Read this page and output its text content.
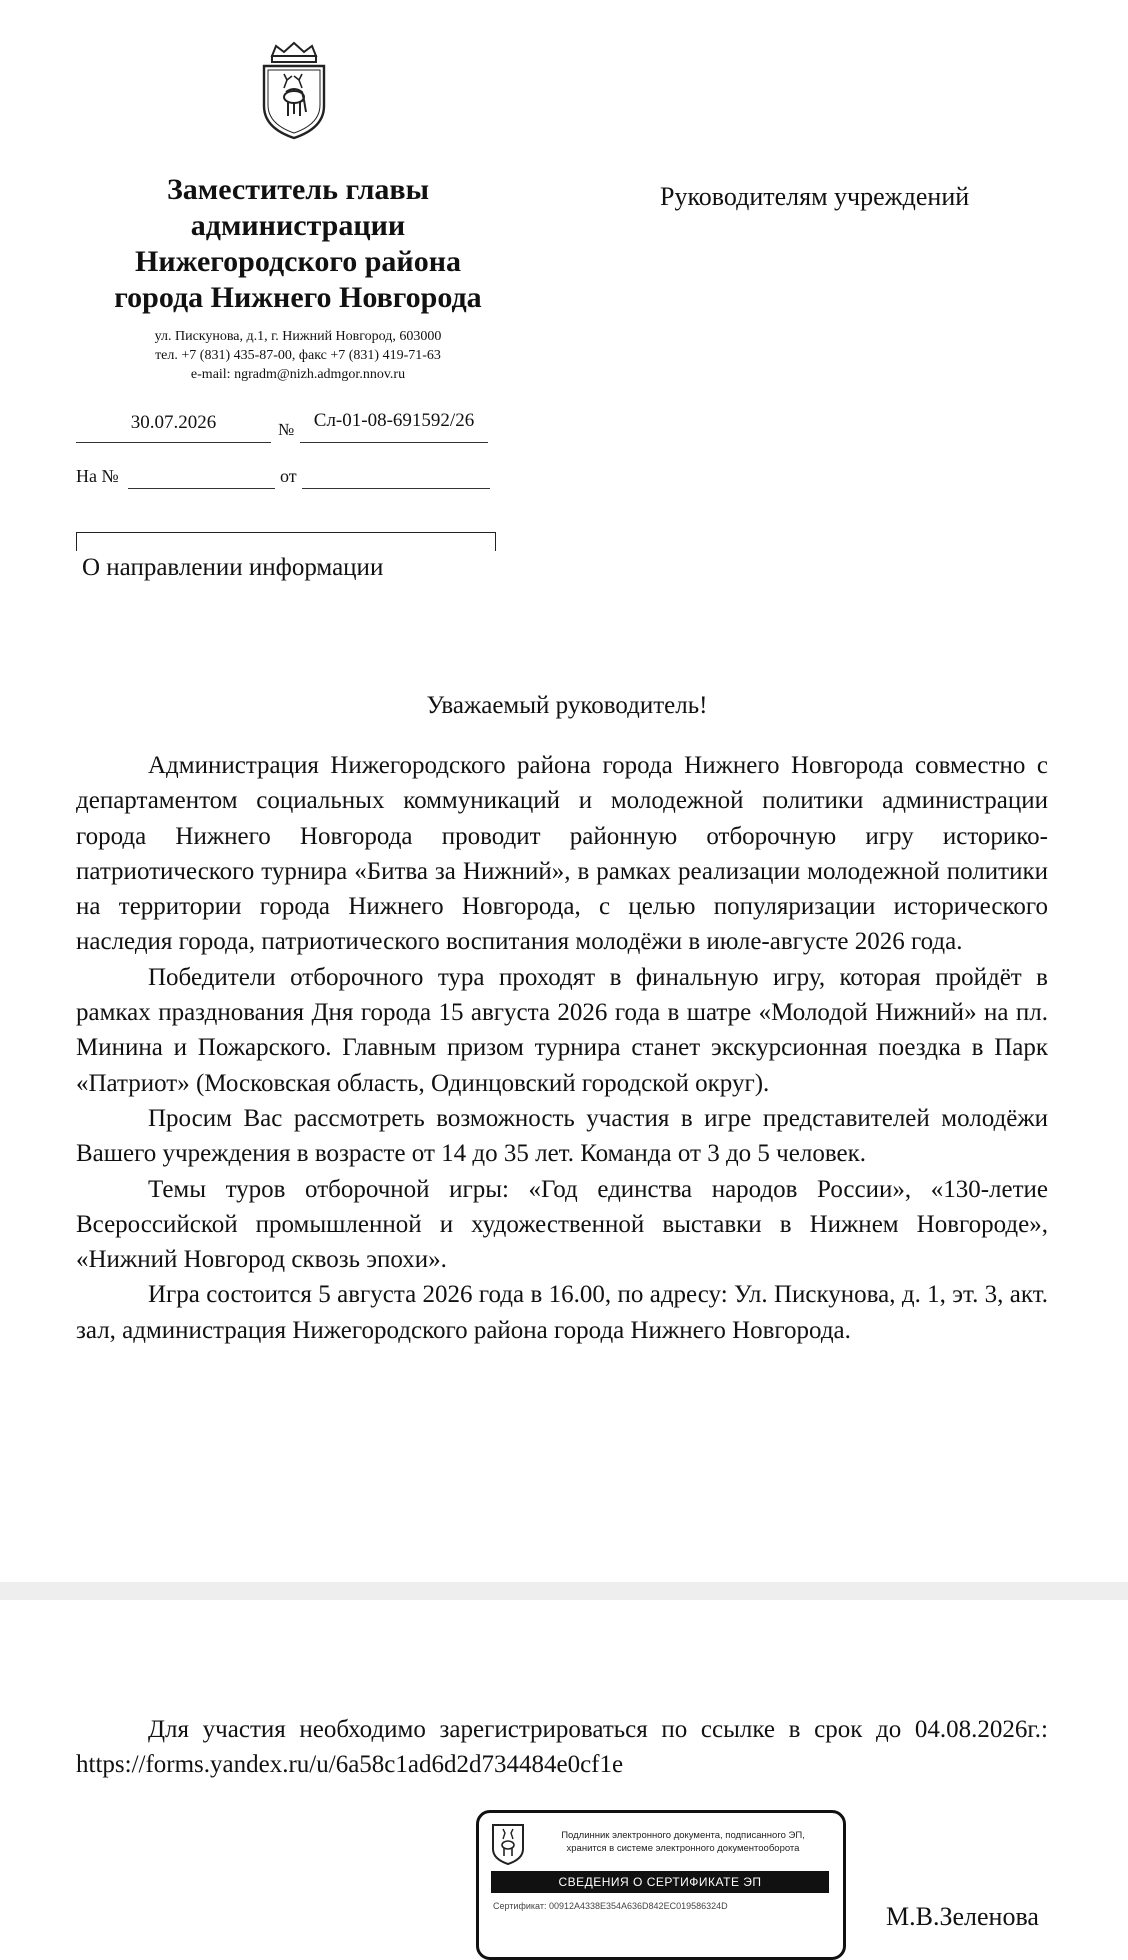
Заместитель главы
администрации
Нижегородского района
города Нижнего Новгорода
ул. Пискунова, д.1, г. Нижний Новгород, 603000
тел. +7 (831) 435-87-00, факс +7 (831) 419-71-63
e-mail: ngradm@nizh.admgor.nnov.ru
Руководителям учреждений
30.07.2026	№	Сл-01-08-691592/26
На №	от
О направлении информации
Уважаемый руководитель!

Администрация Нижегородского района города Нижнего Новгорода совместно с департаментом социальных коммуникаций и молодежной политики администрации города Нижнего Новгорода проводит районную отборочную игру историко-патриотического турнира «Битва за Нижний», в рамках реализации молодежной политики на территории города Нижнего Новгорода, с целью популяризации исторического наследия города, патриотического воспитания молодёжи в июле-августе 2026 года.

Победители отборочного тура проходят в финальную игру, которая пройдёт в рамках празднования Дня города 15 августа 2026 года в шатре «Молодой Нижний» на пл. Минина и Пожарского. Главным призом турнира станет экскурсионная поездка в Парк «Патриот» (Московская область, Одинцовский городской округ).

Просим Вас рассмотреть возможность участия в игре представителей молодёжи Вашего учреждения в возрасте от 14 до 35 лет. Команда от 3 до 5 человек.

Темы туров отборочной игры: «Год единства народов России», «130-летие Всероссийской промышленной и художественной выставки в Нижнем Новгороде», «Нижний Новгород сквозь эпохи».

Игра состоится 5 августа 2026 года в 16.00, по адресу: Ул. Пискунова, д. 1, эт. 3, акт. зал, администрация Нижегородского района города Нижнего Новгорода.

Для участия необходимо зарегистрироваться по ссылке в срок до 04.08.2026г.: https://forms.yandex.ru/u/6a58c1ad6d2d734484e0cf1e

Подлинник электронного документа, подписанного ЭП,
хранится в системе электронного документооборота
СВЕДЕНИЯ О СЕРТИФИКАТЕ ЭП
Сертификат: 00912A4338E354A636D842EC019586324D	М.В.Зеленова
